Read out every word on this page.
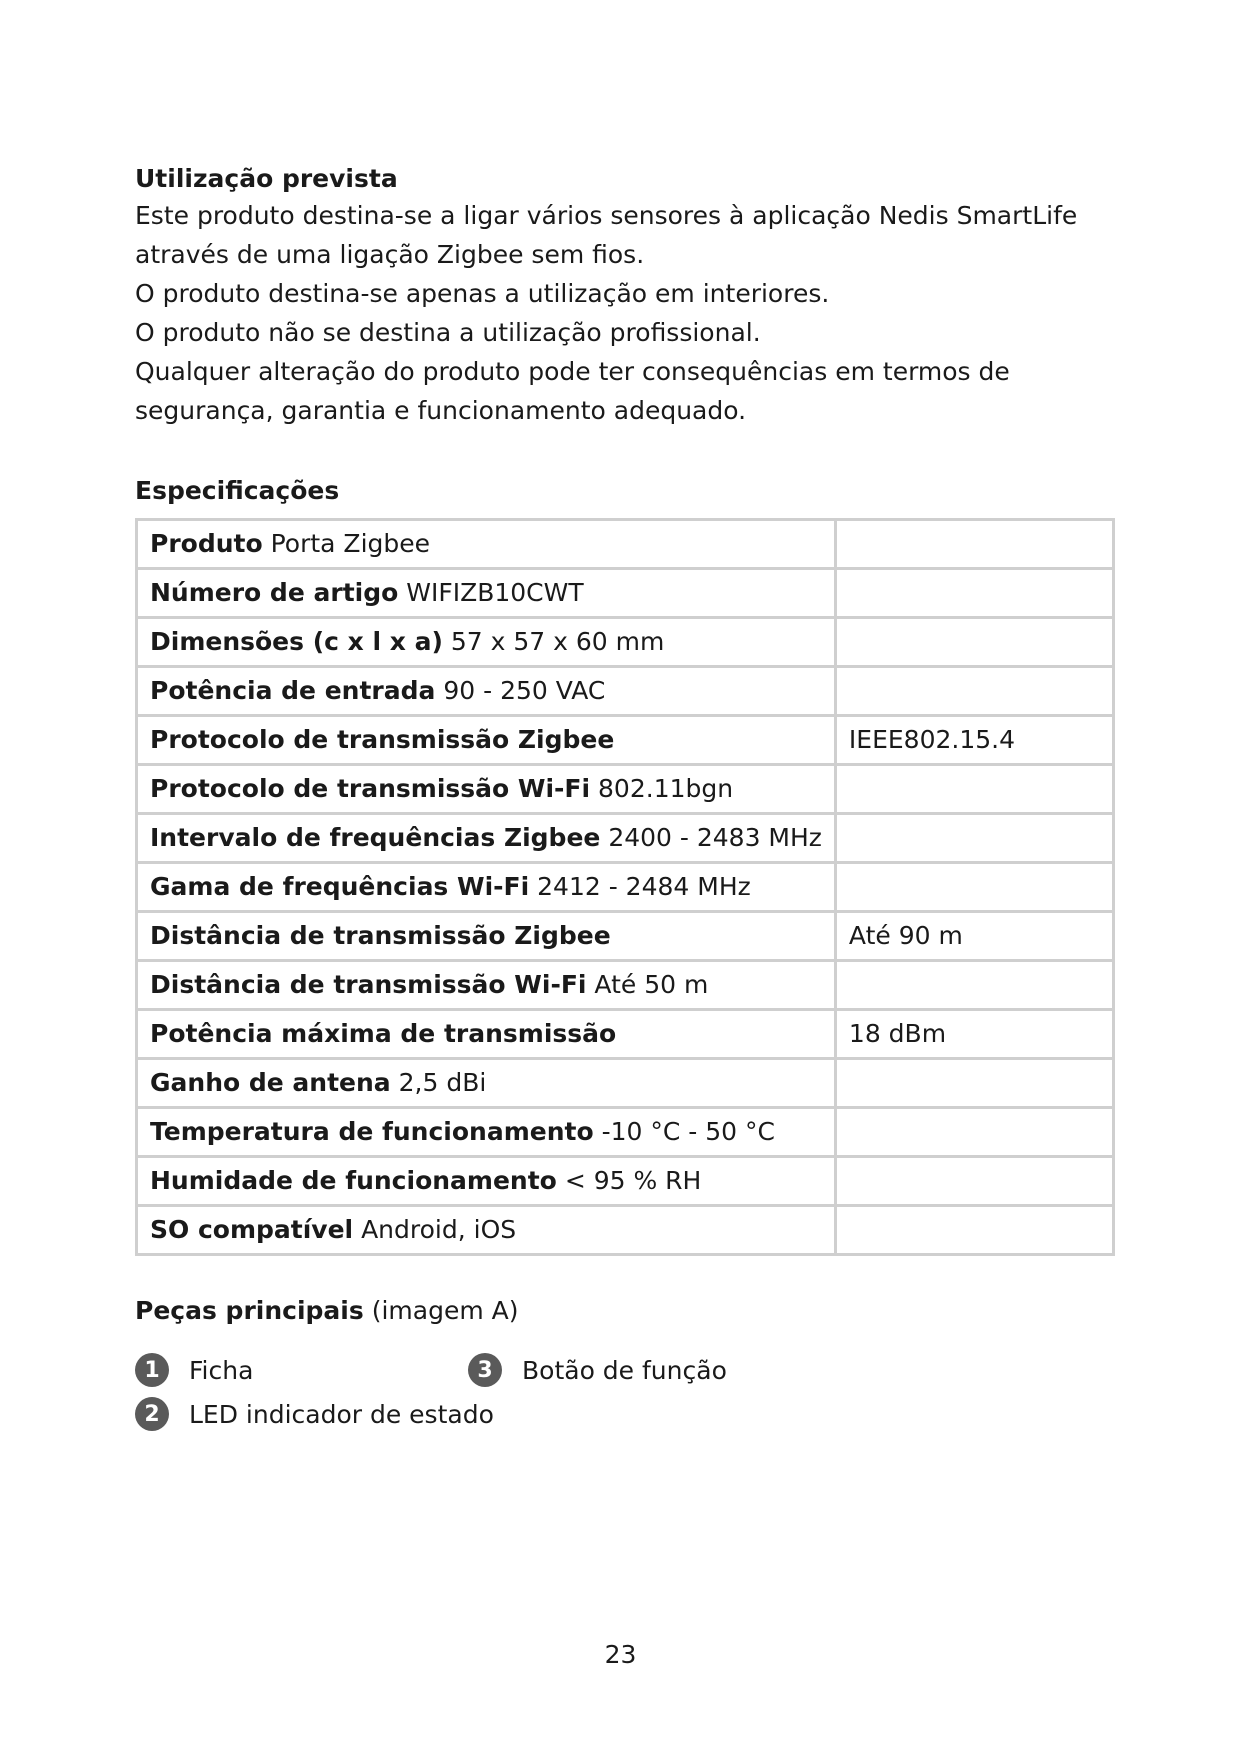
Utilização prevista

Este produto destina-se a ligar vários sensores à aplicação Nedis SmartLife

através de uma ligação Zigbee sem fios.

O produto destina-se apenas a utilização em interiores.

O produto não se destina a utilização profissional.

Qualquer alteração do produto pode ter consequências em termos de

segurança, garantia e funcionamento adequado.

Especificações

Produto Porta Zigbee	
Número de artigo WIFIZB10CWT	
Dimensões (c x l x a) 57 x 57 x 60 mm	
Potência de entrada 90 - 250 VAC	
Protocolo de transmissão Zigbee	IEEE802.15.4
Protocolo de transmissão Wi-Fi 802.11bgn	
Intervalo de frequências Zigbee 2400 - 2483 MHz	
Gama de frequências Wi-Fi 2412 - 2484 MHz	
Distância de transmissão Zigbee	Até 90 m
Distância de transmissão Wi-Fi Até 50 m	
Potência máxima de transmissão	18 dBm
Ganho de antena 2,5 dBi	
Temperatura de funcionamento -10 °C - 50 °C	
Humidade de funcionamento < 95 % RH	
SO compatível Android, iOS	

Peças principais (imagem A)

1	Ficha
2	LED indicador de estado
3	Botão de função
23
